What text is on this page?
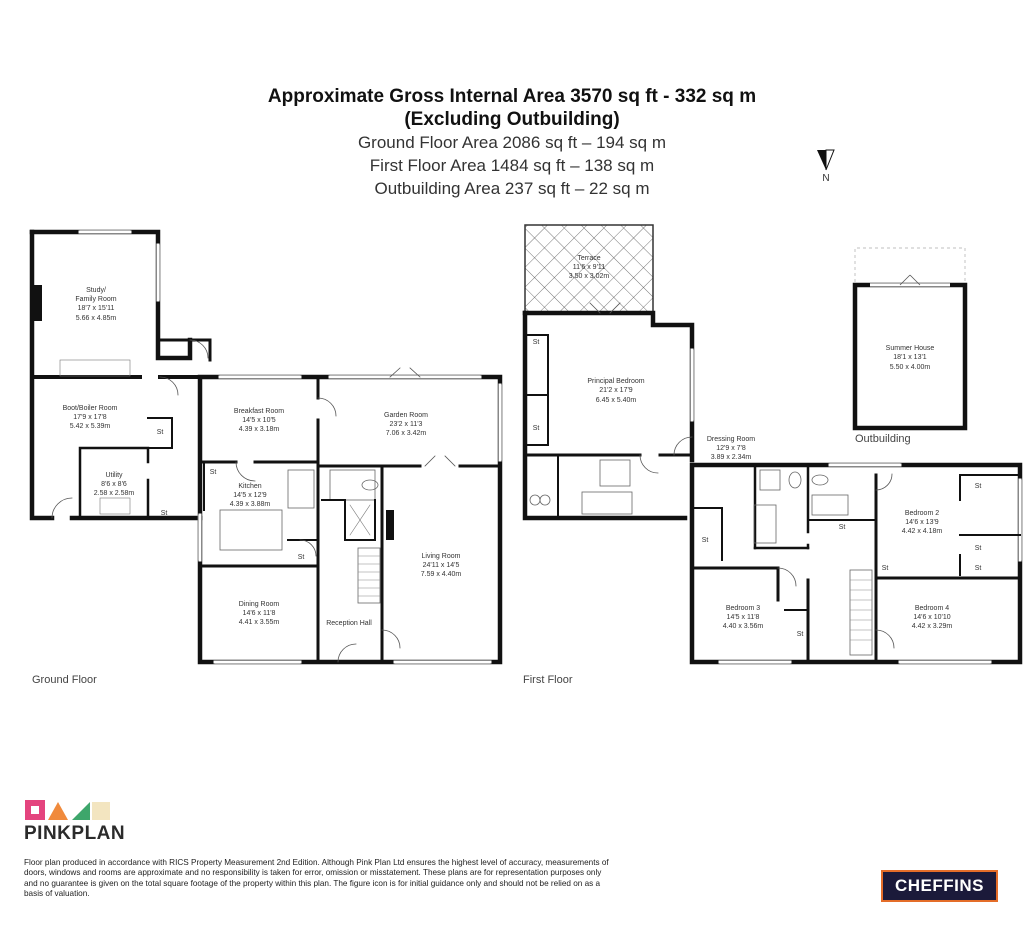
Approximate Gross Internal Area 3570 sq ft - 332 sq m
(Excluding Outbuilding)
Ground Floor Area 2086 sq ft – 194 sq m
First Floor Area 1484 sq ft – 138 sq m
Outbuilding Area 237 sq ft – 22 sq m
N
Study/
Family Room
18'7 x 15'11
5.66 x 4.85m
Boot/Boiler Room
17'9 x 17'8
5.42 x 5.39m
Utility
8'6 x 8'6
2.58 x 2.58m
Breakfast Room
14'5 x 10'5
4.39 x 3.18m
Garden Room
23'2 x 11'3
7.06 x 3.42m
Kitchen
14'5 x 12'9
4.39 x 3.88m
Living Room
24'11 x 14'5
7.59 x 4.40m
Dining Room
14'6 x 11'8
4.41 x 3.55m	Reception Hall
Terrace
11'6 x 9'11
3.50 x 3.02m
Principal Bedroom
21'2 x 17'9
6.45 x 5.40m
Dressing Room
12'9 x 7'8
3.89 x 2.34m
Bedroom 2
14'6 x 13'9
4.42 x 4.18m
Bedroom 3
14'5 x 11'8
4.40 x 3.56m
Bedroom 4
14'6 x 10'10
4.42 x 3.29m
Summer House
18'1 x 13'1
5.50 x 4.00m
St
St
St
St
St
St
St
St
St
St
St	St
St
Ground Floor	First Floor
Outbuilding
PINKPLAN
Floor plan produced in accordance with RICS Property Measurement 2nd Edition. Although Pink Plan Ltd ensures the highest level of accuracy, measurements of doors, windows and rooms are approximate and no responsibility is taken for error, omission or misstatement. These plans are for representation purposes only and no guarantee is given on the total square footage of the property within this plan. The figure icon is for initial guidance only and should not be relied on as a basis of valuation.	CHEFFINS
